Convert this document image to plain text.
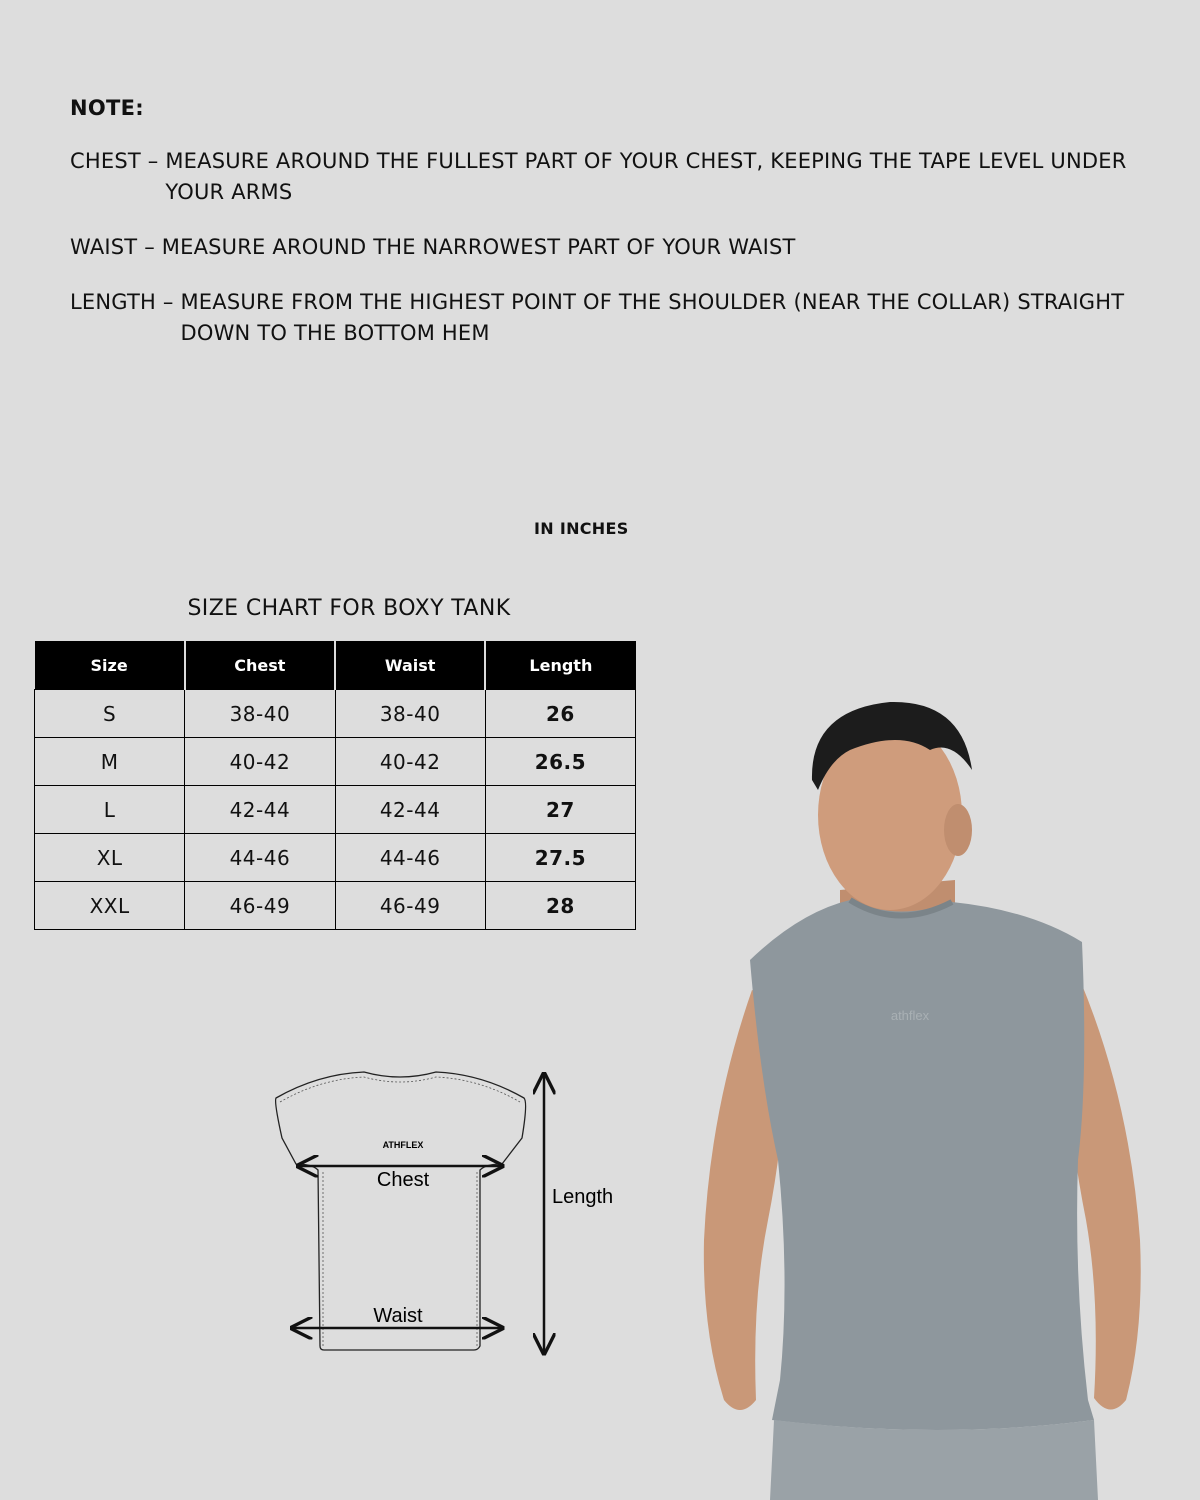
NOTE:
CHEST – MEASURE AROUND THE FULLEST PART OF YOUR CHEST, KEEPING THE TAPE LEVEL UNDER YOUR ARMS
WAIST – MEASURE AROUND THE NARROWEST PART OF YOUR WAIST
LENGTH – MEASURE FROM THE HIGHEST POINT OF THE SHOULDER (NEAR THE COLLAR) STRAIGHT DOWN TO THE BOTTOM HEM
IN INCHES
SIZE CHART FOR BOXY TANK
Size	Chest	Waist	Length
S	38-40	38-40	26
M	40-42	40-42	26.5
L	42-44	42-44	27
XL	44-46	44-46	27.5
XXL	46-49	46-49	28
ATHFLEX
Chest
Waist
Length
athflex
